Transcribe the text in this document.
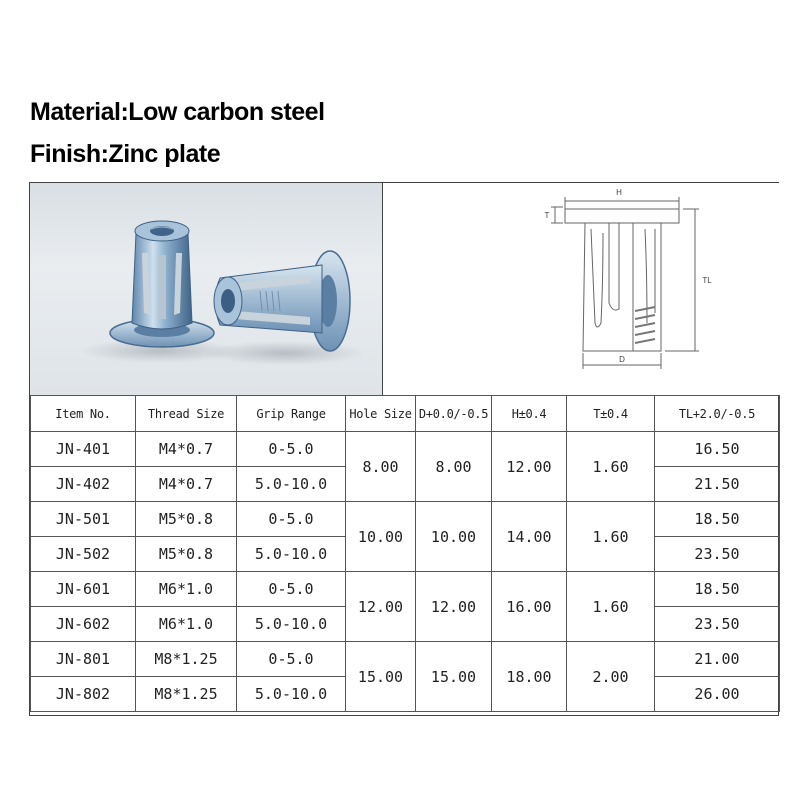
Material:Low carbon steel
Finish:Zinc plate
H
T
TL
D
Item No.	Thread Size	Grip Range	Hole Size	D+0.0/-0.5	H±0.4	T±0.4	TL+2.0/-0.5
JN-401	M4*0.7	0-5.0	8.00	8.00	12.00	1.60	16.50
JN-402	M4*0.7	5.0-10.0					21.50
JN-501	M5*0.8	0-5.0	10.00	10.00	14.00	1.60	18.50
JN-502	M5*0.8	5.0-10.0					23.50
JN-601	M6*1.0	0-5.0	12.00	12.00	16.00	1.60	18.50
JN-602	M6*1.0	5.0-10.0					23.50
JN-801	M8*1.25	0-5.0	15.00	15.00	18.00	2.00	21.00
JN-802	M8*1.25	5.0-10.0					26.00
